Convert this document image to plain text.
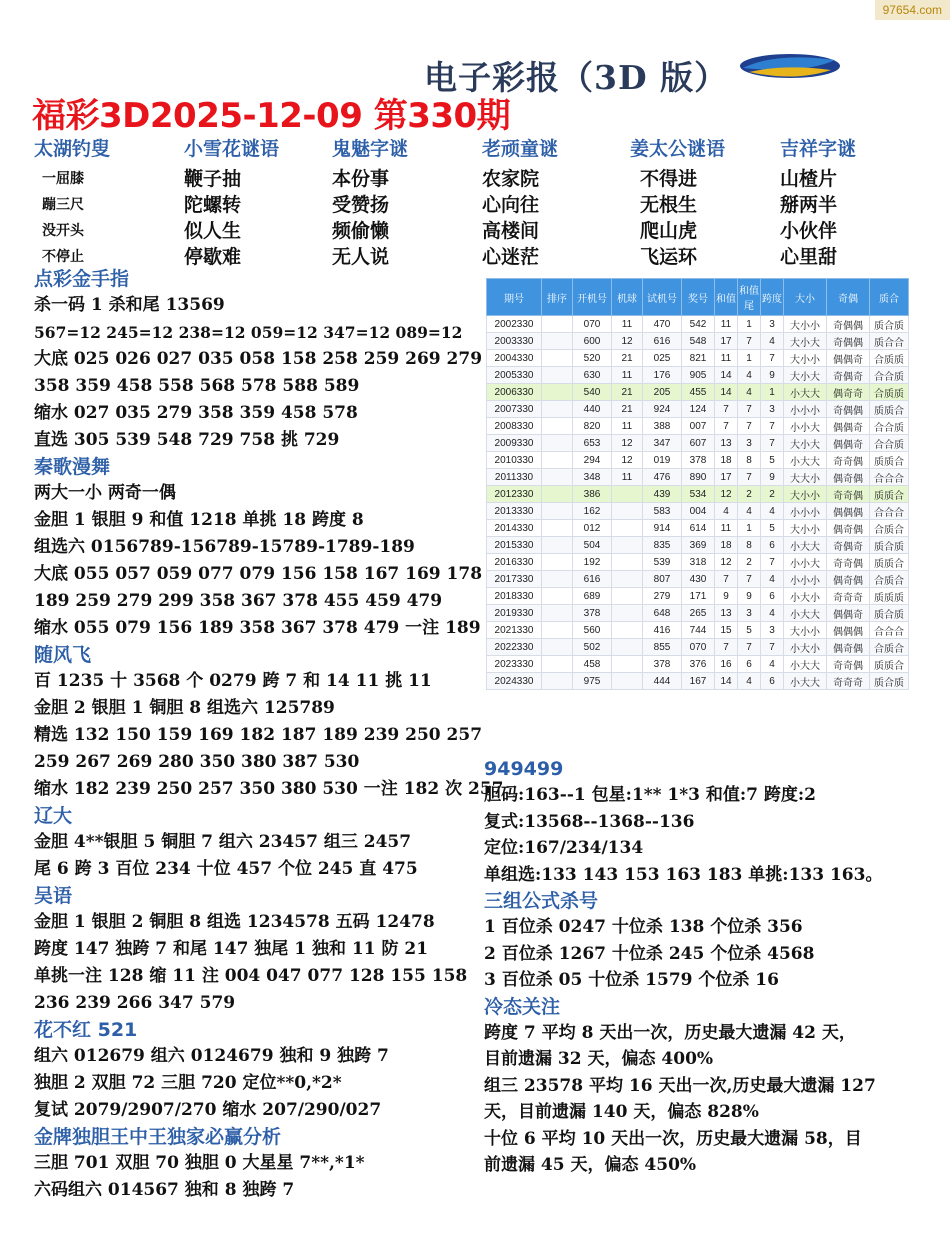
97654.com
电子彩报（3D 版）
·····
福彩3D2025-12-09 第330期
太湖钓叟	小雪花谜语	鬼魅字谜	老顽童谜	姜太公谜语	吉祥字谜
一屈膝	鞭子抽	本份事	农家院	不得进	山楂片
蹦三尺	陀螺转	受赞扬	心向往	无根生	掰两半
没开头	似人生	频偷懒	高楼间	爬山虎	小伙伴
不停止	停歇难	无人说	心迷茫	飞运环	心里甜
点彩金手指
杀一码 1 杀和尾 13569
567=12 245=12 238=12 059=12 347=12 089=12
大底 025 026 027 035 058 158 258 259 269 279
358 359 458 558 568 578 588 589
缩水 027 035 279 358 359 458 578
直选 305 539 548 729 758 挑 729
秦歌漫舞
两大一小 两奇一偶
金胆 1 银胆 9 和值 1218 单挑 18 跨度 8
组选六 0156789-156789-15789-1789-189
大底 055 057 059 077 079 156 158 167 169 178
189 259 279 299 358 367 378 455 459 479
缩水 055 079 156 189 358 367 378 479 一注 189
随风飞
百 1235 十 3568 个 0279 跨 7 和 14 11 挑 11
金胆 2 银胆 1 铜胆 8 组选六 125789
精选 132 150 159 169 182 187 189 239 250 257
259 267 269 280 350 380 387 530
缩水 182 239 250 257 350 380 530 一注 182 次 257
辽大
金胆 4**银胆 5 铜胆 7 组六 23457 组三 2457
尾 6 跨 3 百位 234 十位 457 个位 245 直 475
吴语
金胆 1 银胆 2 铜胆 8 组选 1234578 五码 12478
跨度 147 独跨 7 和尾 147 独尾 1 独和 11 防 21
单挑一注 128 缩 11 注 004 047 077 128 155 158
236 239 266 347 579
花不红 521
组六 012679 组六 0124679 独和 9 独跨 7
独胆 2 双胆 72 三胆 720 定位**0,*2*
复试 2079/2907/270 缩水 207/290/027
金牌独胆王中王独家必赢分析
三胆 701 双胆 70 独胆 0 大星星 7**,*1*
六码组六 014567 独和 8 独跨 7
期号	排序	开机号	机球	试机号	奖号	和值	和值尾	跨度	大小	奇偶	质合
2002330		070	11	470	542	11	1	3	大小小	奇偶偶	质合质
2003330		600	12	616	548	17	7	4	大小大	奇偶偶	质合合
2004330		520	21	025	821	11	1	7	大小小	偶偶奇	合质质
2005330		630	11	176	905	14	4	9	大小大	奇偶奇	合合质
2006330		540	21	205	455	14	4	1	小大大	偶奇奇	合质质
2007330		440	21	924	124	7	7	3	小小小	奇偶偶	质质合
2008330		820	11	388	007	7	7	7	小小大	偶偶奇	合合质
2009330		653	12	347	607	13	3	7	大小大	偶偶奇	合合质
2010330		294	12	019	378	18	8	5	小大大	奇奇偶	质质合
2011330		348	11	476	890	17	7	9	大大小	偶奇偶	合合合
2012330		386		439	534	12	2	2	大小小	奇奇偶	质质合
2013330		162		583	004	4	4	4	小小小	偶偶偶	合合合
2014330		012		914	614	11	1	5	大小小	偶奇偶	合质合
2015330		504		835	369	18	8	6	小大大	奇偶奇	质合质
2016330		192		539	318	12	2	7	小小大	奇奇偶	质质合
2017330		616		807	430	7	7	4	小小小	偶奇偶	合质合
2018330		689		279	171	9	9	6	小大小	奇奇奇	质质质
2019330		378		648	265	13	3	4	小大大	偶偶奇	质合质
2021330		560		416	744	15	5	3	大小小	偶偶偶	合合合
2022330		502		855	070	7	7	7	小大小	偶奇偶	合质合
2023330		458		378	376	16	6	4	小大大	奇奇偶	质质合
2024330		975		444	167	14	4	6	小大大	奇奇奇	质合质
949499
胆码:163--1 包星:1** 1*3 和值:7 跨度:2
复式:13568--1368--136
定位:167/234/134
单组选:133 143 153 163 183 单挑:133 163。
三组公式杀号
1 百位杀 0247 十位杀 138 个位杀 356
2 百位杀 1267 十位杀 245 个位杀 4568
3 百位杀 05 十位杀 1579 个位杀 16
冷态关注
跨度 7 平均 8 天出一次，历史最大遗漏 42 天，
目前遗漏 32 天，偏态 400%
组三 23578 平均 16 天出一次,历史最大遗漏 127
天，目前遗漏 140 天，偏态 828%
十位 6 平均 10 天出一次，历史最大遗漏 58，目
前遗漏 45 天，偏态 450%
